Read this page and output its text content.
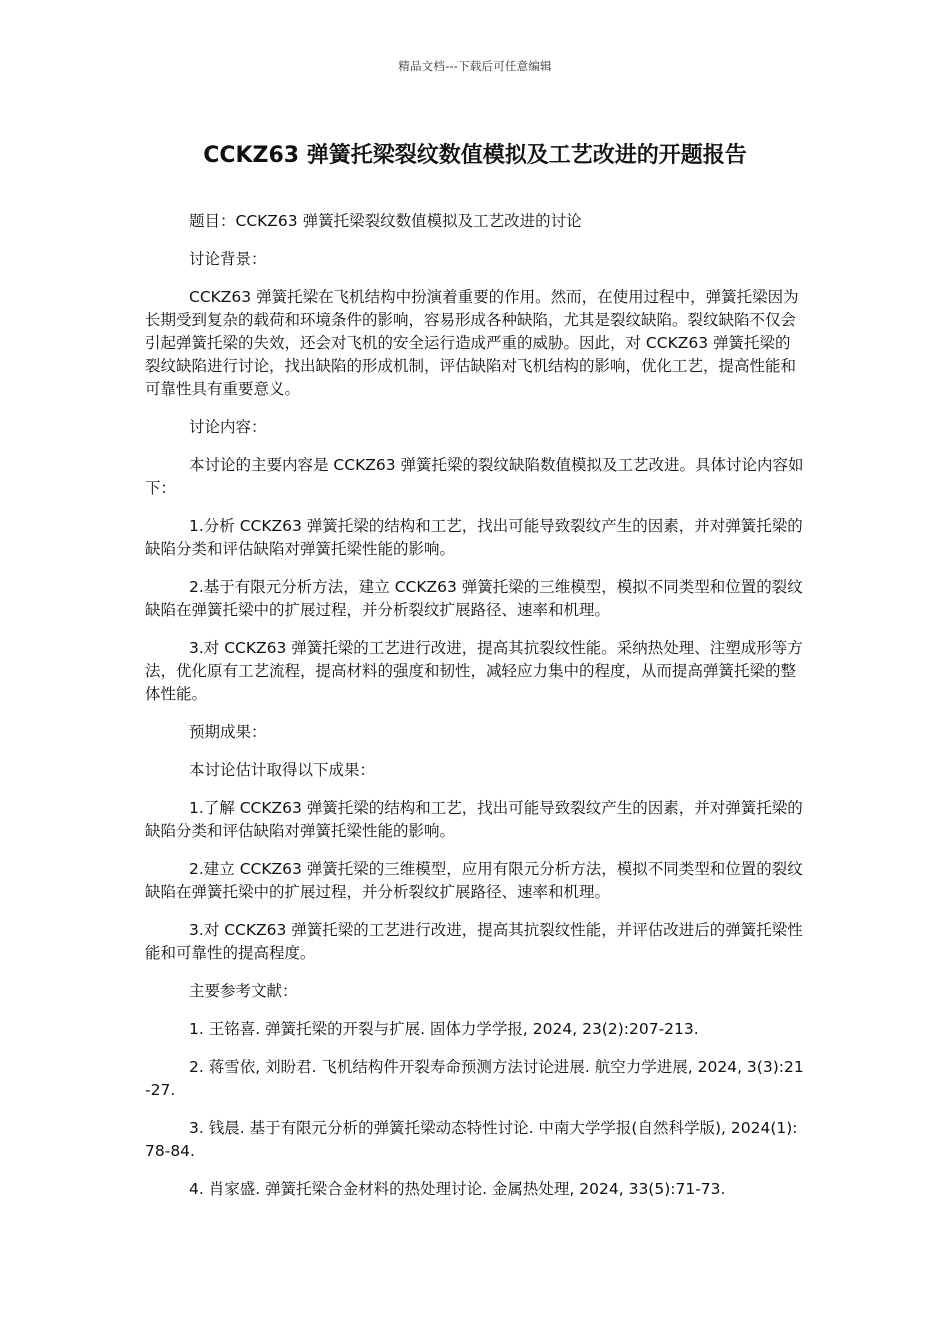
精品文档---下载后可任意编辑
CCKZ63 弹簧托梁裂纹数值模拟及工艺改进的开题报告

题目：CCKZ63 弹簧托梁裂纹数值模拟及工艺改进的讨论

讨论背景：

CCKZ63 弹簧托梁在飞机结构中扮演着重要的作用。然而，在使用过程中，弹簧托梁因为长期受到复杂的载荷和环境条件的影响，容易形成各种缺陷，尤其是裂纹缺陷。裂纹缺陷不仅会引起弹簧托梁的失效，还会对飞机的安全运行造成严重的威胁。因此，对 CCKZ63 弹簧托梁的裂纹缺陷进行讨论，找出缺陷的形成机制，评估缺陷对飞机结构的影响，优化工艺，提高性能和可靠性具有重要意义。

讨论内容：

本讨论的主要内容是 CCKZ63 弹簧托梁的裂纹缺陷数值模拟及工艺改进。具体讨论内容如下：

1.分析 CCKZ63 弹簧托梁的结构和工艺，找出可能导致裂纹产生的因素，并对弹簧托梁的缺陷分类和评估缺陷对弹簧托梁性能的影响。

2.基于有限元分析方法，建立 CCKZ63 弹簧托梁的三维模型，模拟不同类型和位置的裂纹缺陷在弹簧托梁中的扩展过程，并分析裂纹扩展路径、速率和机理。

3.对 CCKZ63 弹簧托梁的工艺进行改进，提高其抗裂纹性能。采纳热处理、注塑成形等方法，优化原有工艺流程，提高材料的强度和韧性，减轻应力集中的程度，从而提高弹簧托梁的整体性能。

预期成果：

本讨论估计取得以下成果：

1.了解 CCKZ63 弹簧托梁的结构和工艺，找出可能导致裂纹产生的因素，并对弹簧托梁的缺陷分类和评估缺陷对弹簧托梁性能的影响。

2.建立 CCKZ63 弹簧托梁的三维模型，应用有限元分析方法，模拟不同类型和位置的裂纹缺陷在弹簧托梁中的扩展过程，并分析裂纹扩展路径、速率和机理。

3.对 CCKZ63 弹簧托梁的工艺进行改进，提高其抗裂纹性能，并评估改进后的弹簧托梁性能和可靠性的提高程度。

主要参考文献：

1. 王铭喜. 弹簧托梁的开裂与扩展. 固体力学学报, 2024, 23(2):207-213.

2. 蒋雪依, 刘盼君. 飞机结构件开裂寿命预测方法讨论进展. 航空力学进展, 2024, 3(3):21-27.

3. 钱晨. 基于有限元分析的弹簧托梁动态特性讨论. 中南大学学报(自然科学版), 2024(1):78-84.

4. 肖家盛. 弹簧托梁合金材料的热处理讨论. 金属热处理, 2024, 33(5):71-73.
